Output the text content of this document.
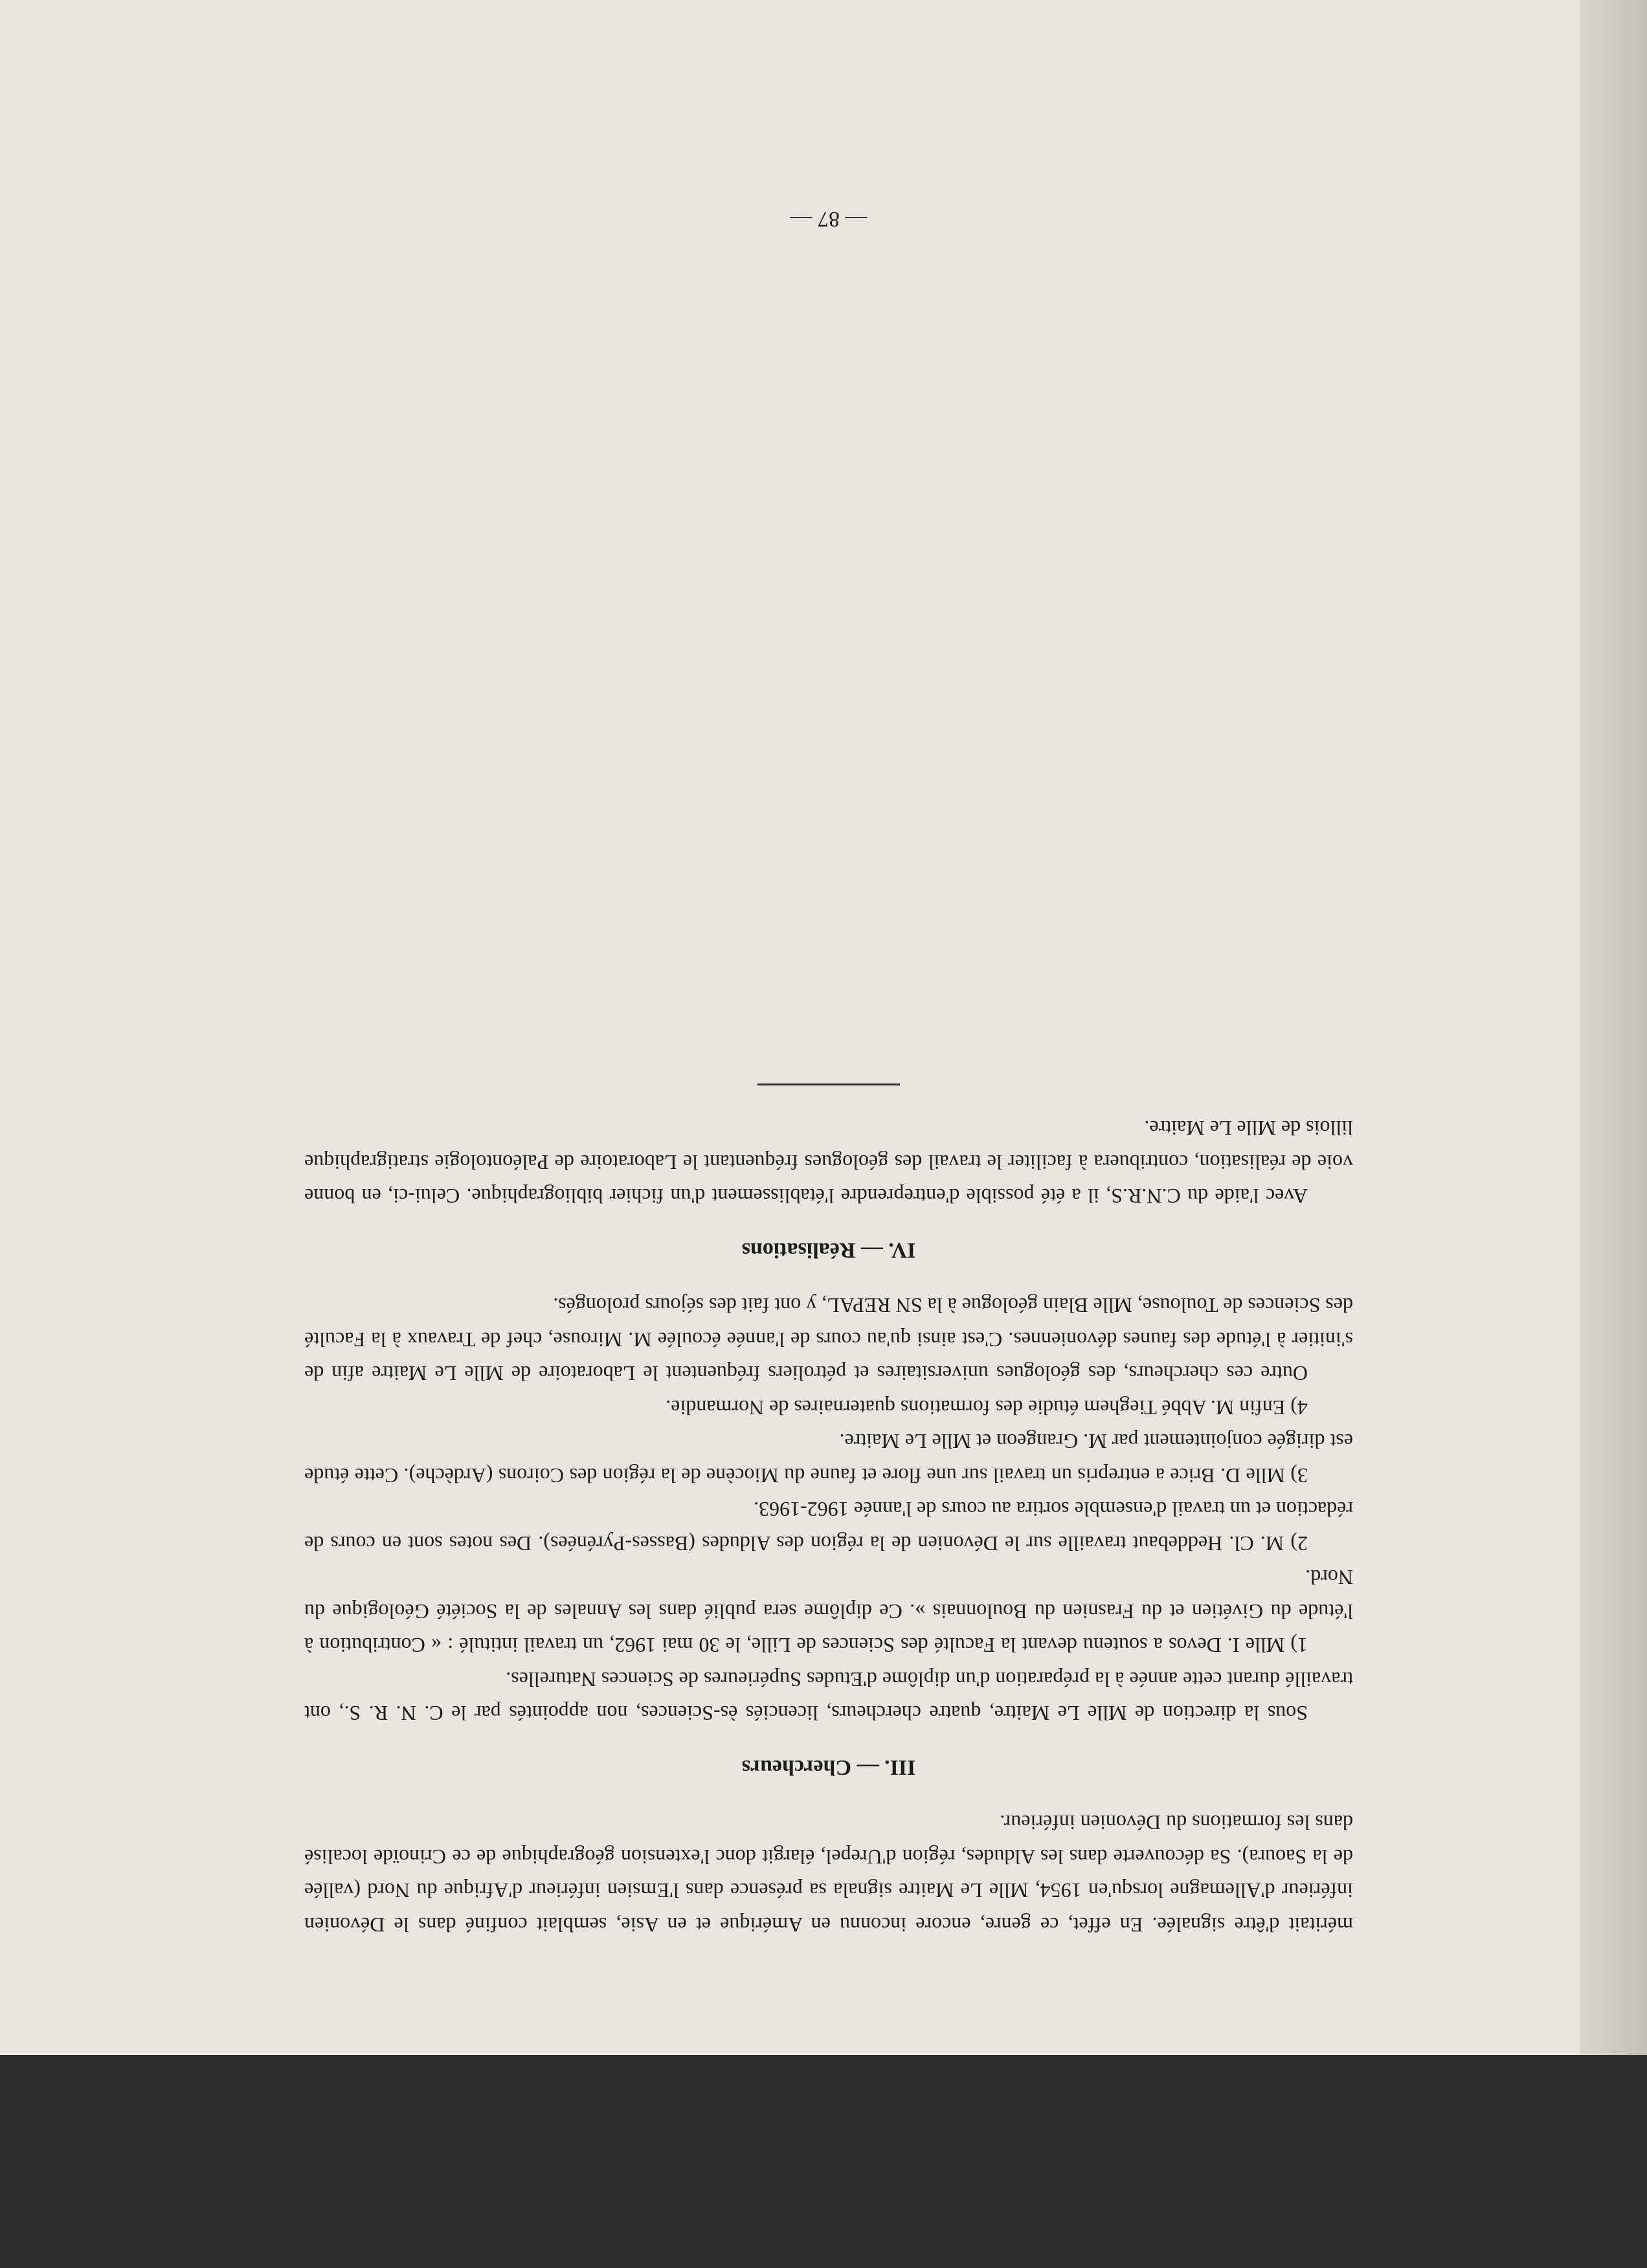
méritait d'être signalée. En effet, ce genre, encore inconnu en Amérique et en Asie, semblait confiné dans le Dévonien inférieur d'Allemagne lorsqu'en 1954, Mlle Le Maitre signala sa présence dans l'Emsien inférieur d'Afrique du Nord (vallée de la Saoura). Sa découverte dans les Aldudes, région d'Urepel, élargit donc l'extension géographique de ce Crinoïde localisé dans les formations du Dévonien inférieur.

III. — Chercheurs

Sous la direction de Mlle Le Maitre, quatre chercheurs, licenciés ès-Sciences, non appointés par le C. N. R. S., ont travaillé durant cette année à la préparation d'un diplôme d'Etudes Supérieures de Sciences Naturelles.

1) Mlle I. Devos a soutenu devant la Faculté des Sciences de Lille, le 30 mai 1962, un travail intitulé : « Contribution à l'étude du Givétien et du Frasnien du Boulonnais ». Ce diplôme sera publié dans les Annales de la Société Géologique du Nord.

2) M. Cl. Heddebaut travaille sur le Dévonien de la région des Aldudes (Basses-Pyrénées). Des notes sont en cours de rédaction et un travail d'ensemble sortira au cours de l'année 1962-1963.

3) Mlle D. Brice a entrepris un travail sur une flore et faune du Miocène de la région des Coirons (Ardèche). Cette étude est dirigée conjointement par M. Grangeon et Mlle Le Maitre.

4) Enfin M. Abbé Tieghem étudie des formations quaternaires de Normandie.

Outre ces chercheurs, des géologues universitaires et pétroliers fréquentent le Laboratoire de Mlle Le Maitre afin de s'initier à l'étude des faunes dévoniennes. C'est ainsi qu'au cours de l'année écoulée M. Mirouse, chef de Travaux à la Faculté des Sciences de Toulouse, Mlle Blain géologue à la SN REPAL, y ont fait des séjours prolongés.

IV. — Réalisations

Avec l'aide du C.N.R.S, il a été possible d'entreprendre l'établissement d'un fichier bibliographique. Celui-ci, en bonne voie de réalisation, contribuera à faciliter le travail des géologues fréquentant le Laboratoire de Paléontologie stratigraphique lillois de Mlle Le Maitre.

— 87 —
